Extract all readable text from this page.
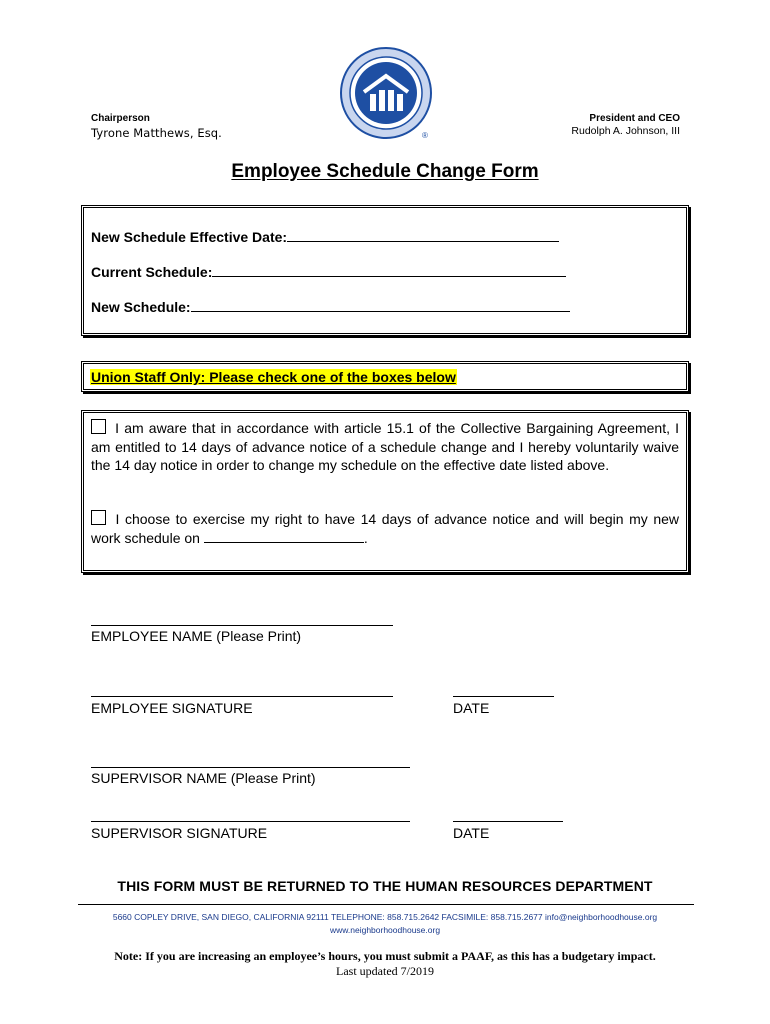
Chairperson
Tyrone Matthews, Esq.	®
President and CEO
Rudolph A. Johnson, III
Employee Schedule Change Form
New Schedule Effective Date:
Current Schedule:
New Schedule:
Union Staff Only: Please check one of the boxes below
I am aware that in accordance with article 15.1 of the Collective Bargaining Agreement, I am entitled to 14 days of advance notice of a schedule change and I hereby voluntarily waive the 14 day notice in order to change my schedule on the effective date listed above.
I choose to exercise my right to have 14 days of advance notice and will begin my new work schedule on	.
EMPLOYEE NAME (Please Print)
EMPLOYEE SIGNATURE	DATE
SUPERVISOR NAME (Please Print)
SUPERVISOR SIGNATURE	DATE
THIS FORM MUST BE RETURNED TO THE HUMAN RESOURCES DEPARTMENT
5660 COPLEY DRIVE, SAN DIEGO, CALIFORNIA 92111 TELEPHONE: 858.715.2642 FACSIMILE: 858.715.2677 info@neighborhoodhouse.org
www.neighborhoodhouse.org
Note: If you are increasing an employee’s hours, you must submit a PAAF, as this has a budgetary impact.
Last updated 7/2019
